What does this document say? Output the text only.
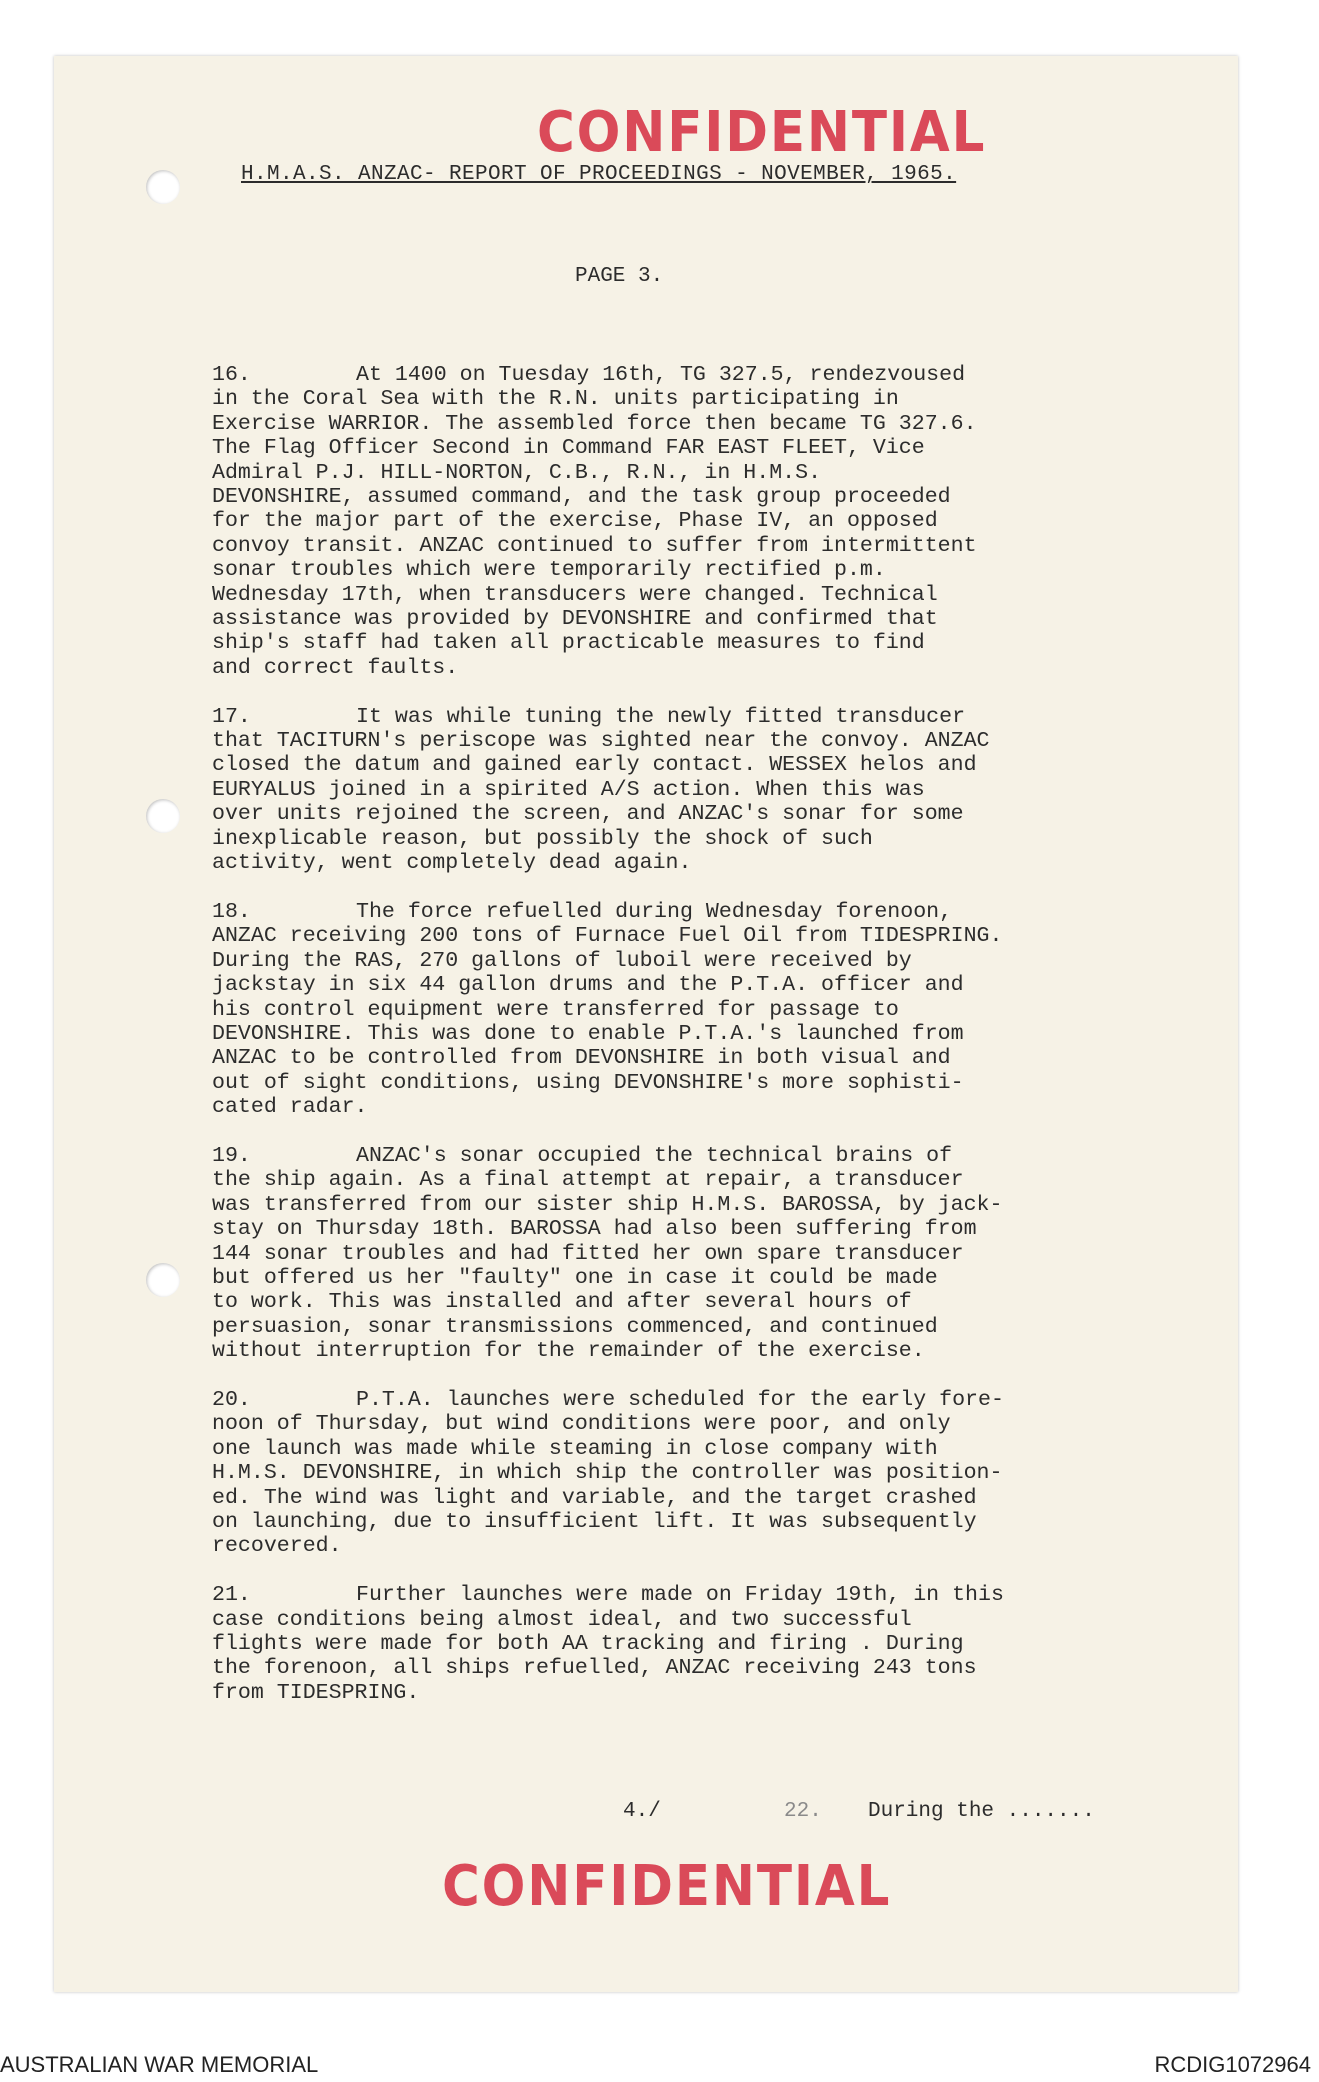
CONFIDENTIAL
H.M.A.S. ANZAC- REPORT OF PROCEEDINGS - NOVEMBER, 1965.
PAGE 3.

16.	At 1400 on Tuesday 16th, TG 327.5, rendezvoused
in the Coral Sea with the R.N. units participating in
Exercise WARRIOR. The assembled force then became TG 327.6.
The Flag Officer Second in Command FAR EAST FLEET, Vice
Admiral P.J. HILL-NORTON, C.B., R.N., in H.M.S.
DEVONSHIRE, assumed command, and the task group proceeded
for the major part of the exercise, Phase IV, an opposed
convoy transit. ANZAC continued to suffer from intermittent
sonar troubles which were temporarily rectified p.m.
Wednesday 17th, when transducers were changed. Technical
assistance was provided by DEVONSHIRE and confirmed that
ship's staff had taken all practicable measures to find
and correct faults.

17.	It was while tuning the newly fitted transducer
that TACITURN's periscope was sighted near the convoy. ANZAC
closed the datum and gained early contact. WESSEX helos and
EURYALUS joined in a spirited A/S action. When this was
over units rejoined the screen, and ANZAC's sonar for some
inexplicable reason, but possibly the shock of such
activity, went completely dead again.

18.	The force refuelled during Wednesday forenoon,
ANZAC receiving 200 tons of Furnace Fuel Oil from TIDESPRING.
During the RAS, 270 gallons of luboil were received by
jackstay in six 44 gallon drums and the P.T.A. officer and
his control equipment were transferred for passage to
DEVONSHIRE. This was done to enable P.T.A.'s launched from
ANZAC to be controlled from DEVONSHIRE in both visual and
out of sight conditions, using DEVONSHIRE's more sophisti-
cated radar.

19.	ANZAC's sonar occupied the technical brains of
the ship again. As a final attempt at repair, a transducer
was transferred from our sister ship H.M.S. BAROSSA, by jack-
stay on Thursday 18th. BAROSSA had also been suffering from
144 sonar troubles and had fitted her own spare transducer
but offered us her "faulty" one in case it could be made
to work. This was installed and after several hours of
persuasion, sonar transmissions commenced, and continued
without interruption for the remainder of the exercise.

20.	P.T.A. launches were scheduled for the early fore-
noon of Thursday, but wind conditions were poor, and only
one launch was made while steaming in close company with
H.M.S. DEVONSHIRE, in which ship the controller was position-
ed. The wind was light and variable, and the target crashed
on launching, due to insufficient lift. It was subsequently
recovered.

21.	Further launches were made on Friday 19th, in this
case conditions being almost ideal, and two successful
flights were made for both AA tracking and firing . During
the forenoon, all ships refuelled, ANZAC receiving 243 tons
from TIDESPRING.

4./	22. During the .......
CONFIDENTIAL
AUSTRALIAN WAR MEMORIAL	RCDIG1072964
